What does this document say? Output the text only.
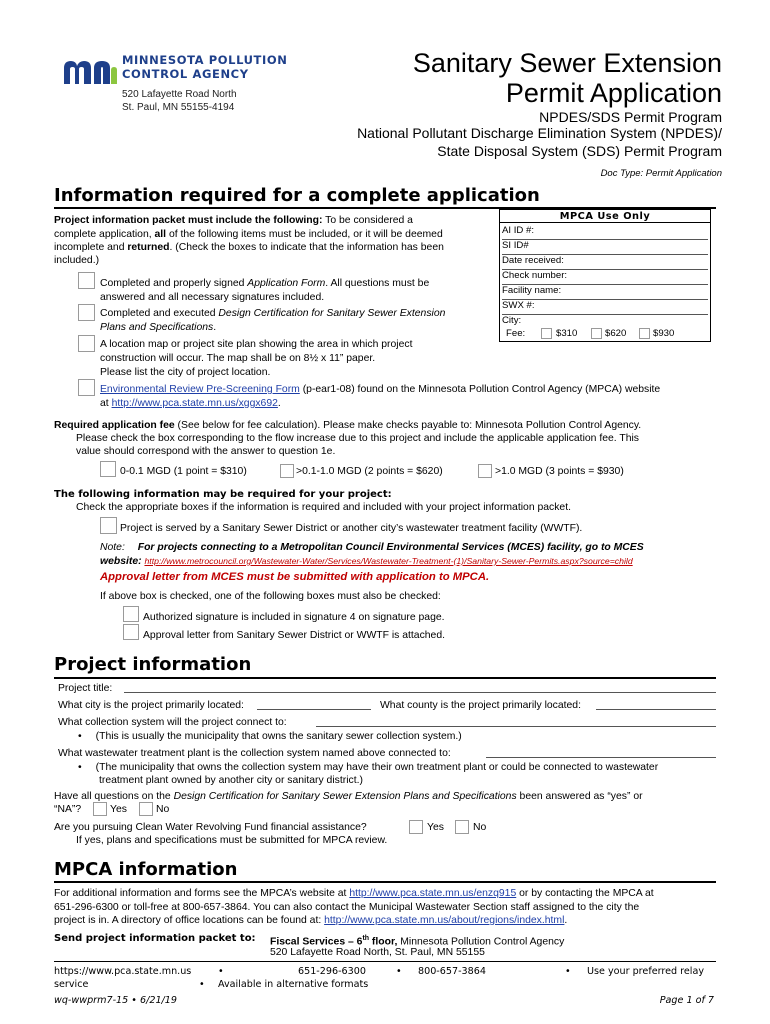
MINNESOTA POLLUTION
CONTROL AGENCY
520 Lafayette Road North
St. Paul, MN 55155-4194
Sanitary Sewer Extension
Permit Application
NPDES/SDS Permit Program
National Pollutant Discharge Elimination System (NPDES)/
State Disposal System (SDS) Permit Program
Doc Type: Permit Application
Information required for a complete application
Project information packet must include the following: To be considered a
complete application, all of the following items must be included, or it will be deemed
incomplete and returned. (Check the boxes to indicate that the information has been
included.)
Completed and properly signed Application Form. All questions must be
answered and all necessary signatures included.
Completed and executed Design Certification for Sanitary Sewer Extension
Plans and Specifications.
A location map or project site plan showing the area in which project
construction will occur. The map shall be on 8½ x 11” paper.
Please list the city of project location.
Environmental Review Pre-Screening Form (p-ear1-08) found on the Minnesota Pollution Control Agency (MPCA) website
at http://www.pca.state.mn.us/xggx692.
MPCA Use Only
AI ID #:
SI ID#
Date received:
Check number:
Facility name:
SWX #:
City:
Fee:	$310	$620	$930
Required application fee (See below for fee calculation). Please make checks payable to: Minnesota Pollution Control Agency.
Please check the box corresponding to the flow increase due to this project and include the applicable application fee. This
value should correspond with the answer to question 1e.
0-0.1 MGD (1 point = $310)	>0.1-1.0 MGD (2 points = $620)	>1.0 MGD (3 points = $930)
The following information may be required for your project:
Check the appropriate boxes if the information is required and included with your project information packet.
Project is served by a Sanitary Sewer District or another city’s wastewater treatment facility (WWTF).
Note: For projects connecting to a Metropolitan Council Environmental Services (MCES) facility, go to MCES
website: http://www.metrocouncil.org/Wastewater-Water/Services/Wastewater-Treatment-(1)/Sanitary-Sewer-Permits.aspx?source=child
Approval letter from MCES must be submitted with application to MPCA.
If above box is checked, one of the following boxes must also be checked:
Authorized signature is included in signature 4 on signature page.
Approval letter from Sanitary Sewer District or WWTF is attached.
Project information
Project title:
What city is the project primarily located:	What county is the project primarily located:
What collection system will the project connect to:
• (This is usually the municipality that owns the sanitary sewer collection system.)
What wastewater treatment plant is the collection system named above connected to:
• (The municipality that owns the collection system may have their own treatment plant or could be connected to wastewater
treatment plant owned by another city or sanitary district.)
Have all questions on the Design Certification for Sanitary Sewer Extension Plans and Specifications been answered as “yes” or
“NA”?	Yes	No
Are you pursuing Clean Water Revolving Fund financial assistance?	Yes	No
If yes, plans and specifications must be submitted for MPCA review.
MPCA information
For additional information and forms see the MPCA’s website at http://www.pca.state.mn.us/enzq915 or by contacting the MPCA at
651-296-6300 or toll-free at 800-657-3864. You can also contact the Municipal Wastewater Section staff assigned to the city the
project is in. A directory of office locations can be found at: http://www.pca.state.mn.us/about/regions/index.html.
Send project information packet to: Fiscal Services – 6th floor, Minnesota Pollution Control Agency
520 Lafayette Road North, St. Paul, MN 55155
https://www.pca.state.mn.us
service
•	651-296-6300	• 800-657-3864	• Use your preferred relay
• Available in alternative formats
wq-wwprm7-15 • 6/21/19	Page 1 of 7
